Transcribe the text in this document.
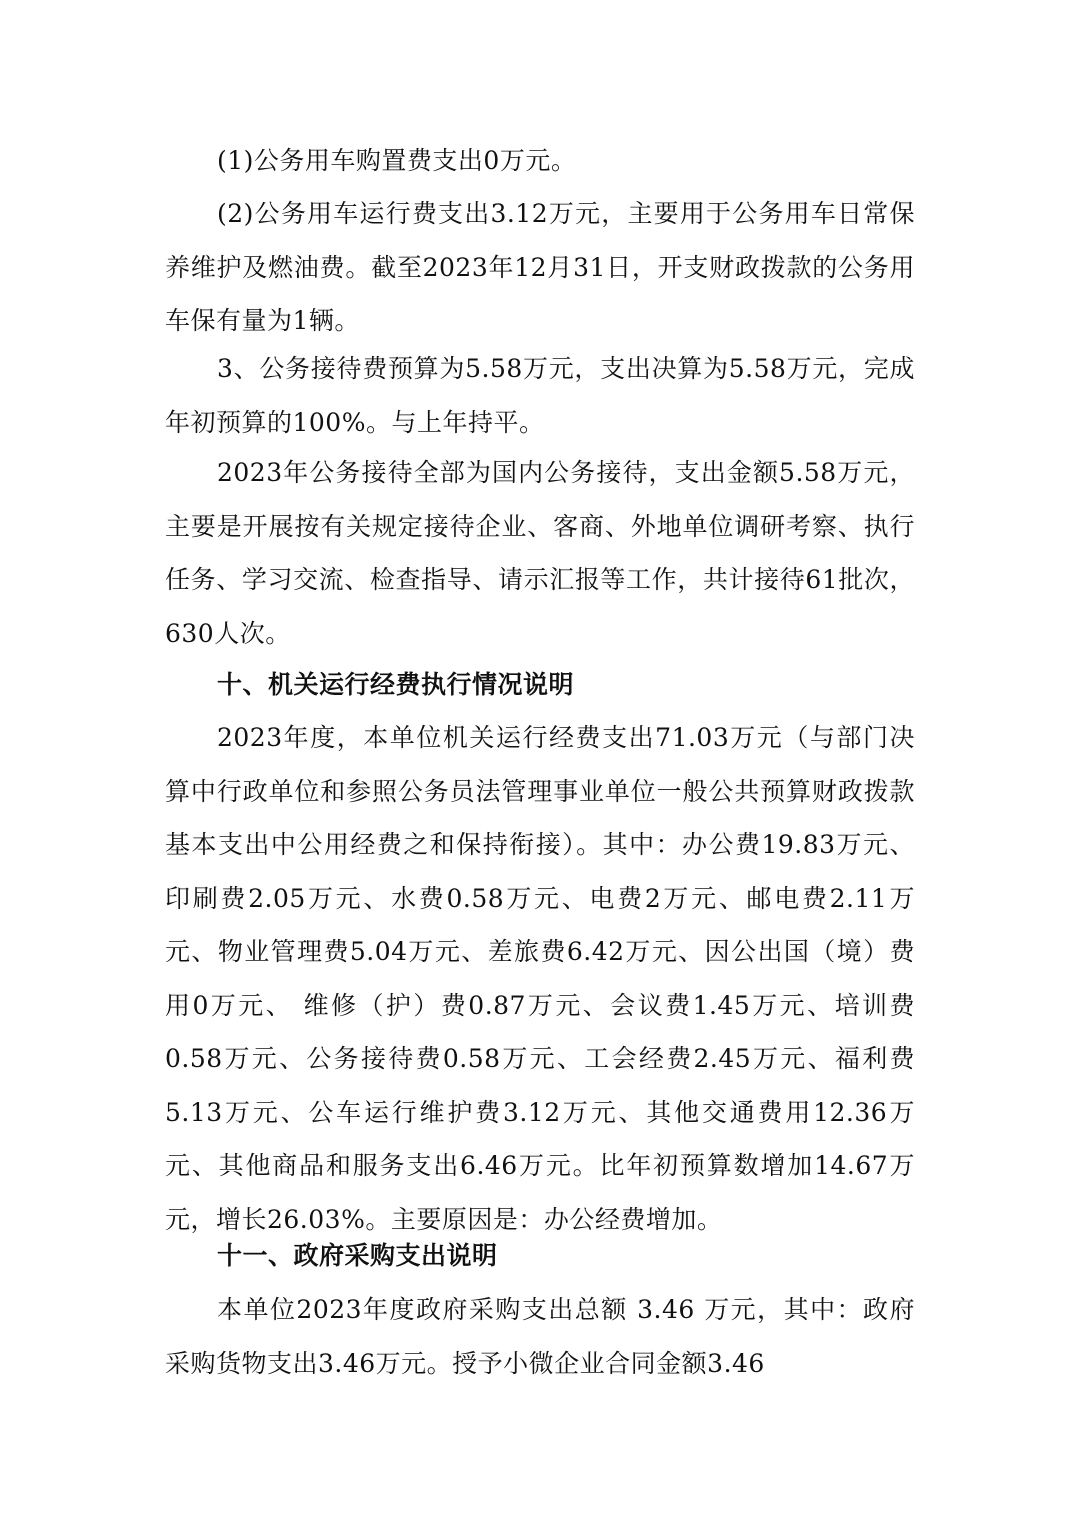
(1)公务用车购置费支出0万元。

(2)公务用车运行费支出3.12万元，主要用于公务用车日常保养维护及燃油费。截至2023年12月31日，开支财政拨款的公务用车保有量为1辆。

3、公务接待费预算为5.58万元，支出决算为5.58万元，完成年初预算的100%。与上年持平。

2023年公务接待全部为国内公务接待，支出金额5.58万元，主要是开展按有关规定接待企业、客商、外地单位调研考察、执行任务、学习交流、检查指导、请示汇报等工作，共计接待61批次，630人次。

十、机关运行经费执行情况说明

2023年度，本单位机关运行经费支出71.03万元（与部门决算中行政单位和参照公务员法管理事业单位一般公共预算财政拨款基本支出中公用经费之和保持衔接）。其中：办公费19.83万元、印刷费2.05万元、水费0.58万元、电费2万元、邮电费2.11万元、物业管理费5.04万元、差旅费6.42万元、因公出国（境）费用0万元、 维修（护）费0.87万元、会议费1.45万元、培训费0.58万元、公务接待费0.58万元、工会经费2.45万元、福利费5.13万元、公车运行维护费3.12万元、其他交通费用12.36万元、其他商品和服务支出6.46万元。比年初预算数增加14.67万元，增长26.03%。主要原因是：办公经费增加。

十一、政府采购支出说明

本单位2023年度政府采购支出总额 3.46 万元，其中：政府采购货物支出3.46万元。授予小微企业合同金额3.46
